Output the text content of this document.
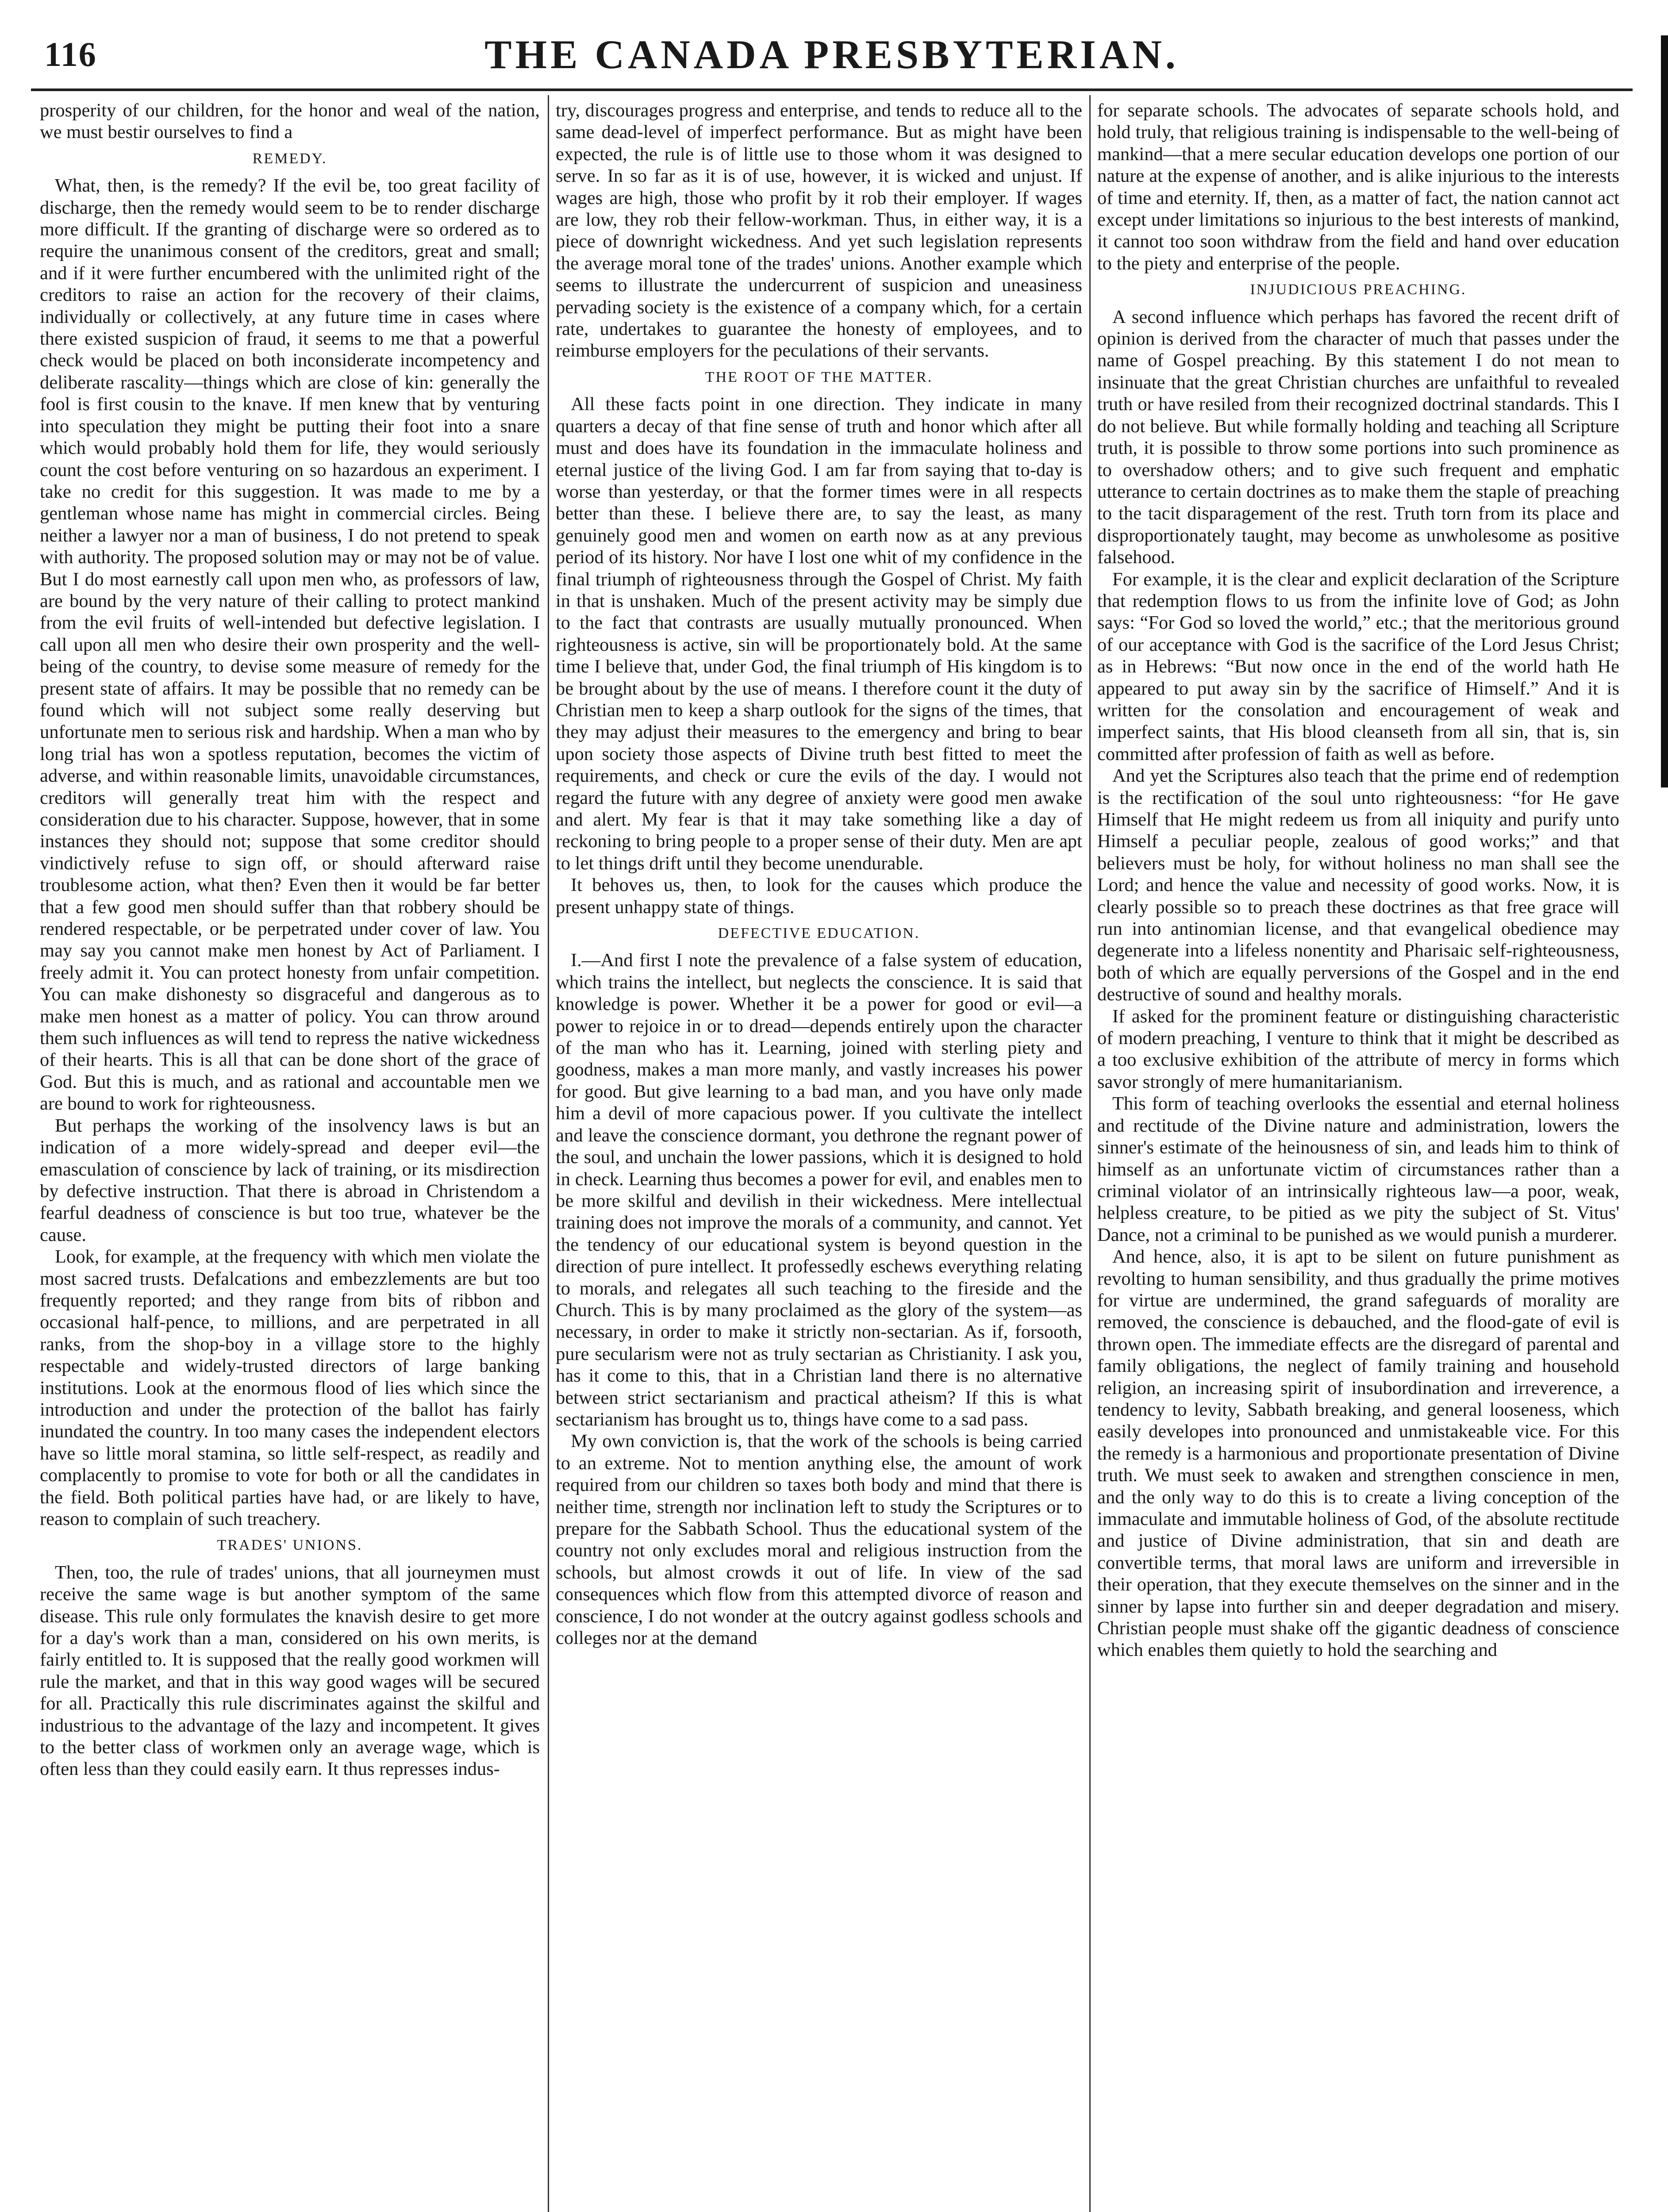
116	THE CANADA PRESBYTERIAN.

prosperity of our children, for the honor and weal of the nation, we must bestir ourselves to find a

REMEDY.

What, then, is the remedy? If the evil be, too great facility of discharge, then the remedy would seem to be to render discharge more difficult. If the granting of discharge were so ordered as to require the unanimous consent of the creditors, great and small; and if it were further encumbered with the unlimited right of the creditors to raise an action for the recovery of their claims, individually or collectively, at any future time in cases where there existed suspicion of fraud, it seems to me that a powerful check would be placed on both inconsiderate incompetency and deliberate rascality—things which are close of kin: generally the fool is first cousin to the knave. If men knew that by venturing into speculation they might be putting their foot into a snare which would probably hold them for life, they would seriously count the cost before venturing on so hazardous an experiment. I take no credit for this suggestion. It was made to me by a gentleman whose name has might in commercial circles. Being neither a lawyer nor a man of business, I do not pretend to speak with authority. The proposed solution may or may not be of value. But I do most earnestly call upon men who, as professors of law, are bound by the very nature of their calling to protect mankind from the evil fruits of well-intended but defective legislation. I call upon all men who desire their own prosperity and the well-being of the country, to devise some measure of remedy for the present state of affairs. It may be possible that no remedy can be found which will not subject some really deserving but unfortunate men to serious risk and hardship. When a man who by long trial has won a spotless reputation, becomes the victim of adverse, and within reasonable limits, unavoidable circumstances, creditors will generally treat him with the respect and consideration due to his character. Suppose, however, that in some instances they should not; suppose that some creditor should vindictively refuse to sign off, or should afterward raise troublesome action, what then? Even then it would be far better that a few good men should suffer than that robbery should be rendered respectable, or be perpetrated under cover of law. You may say you cannot make men honest by Act of Parliament. I freely admit it. You can protect honesty from unfair competition. You can make dishonesty so disgraceful and dangerous as to make men honest as a matter of policy. You can throw around them such influences as will tend to repress the native wickedness of their hearts. This is all that can be done short of the grace of God. But this is much, and as rational and accountable men we are bound to work for righteousness.

But perhaps the working of the insolvency laws is but an indication of a more widely-spread and deeper evil—the emasculation of conscience by lack of training, or its misdirection by defective instruction. That there is abroad in Christendom a fearful deadness of conscience is but too true, whatever be the cause.

Look, for example, at the frequency with which men violate the most sacred trusts. Defalcations and embezzlements are but too frequently reported; and they range from bits of ribbon and occasional half-pence, to millions, and are perpetrated in all ranks, from the shop-boy in a village store to the highly respectable and widely-trusted directors of large banking institutions. Look at the enormous flood of lies which since the introduction and under the protection of the ballot has fairly inundated the country. In too many cases the independent electors have so little moral stamina, so little self-respect, as readily and complacently to promise to vote for both or all the candidates in the field. Both political parties have had, or are likely to have, reason to complain of such treachery.

TRADES' UNIONS.

Then, too, the rule of trades' unions, that all journeymen must receive the same wage is but another symptom of the same disease. This rule only formulates the knavish desire to get more for a day's work than a man, considered on his own merits, is fairly entitled to. It is supposed that the really good workmen will rule the market, and that in this way good wages will be secured for all. Practically this rule discriminates against the skilful and industrious to the advantage of the lazy and incompetent. It gives to the better class of workmen only an average wage, which is often less than they could easily earn. It thus represses indus-

try, discourages progress and enterprise, and tends to reduce all to the same dead-level of imperfect performance. But as might have been expected, the rule is of little use to those whom it was designed to serve. In so far as it is of use, however, it is wicked and unjust. If wages are high, those who profit by it rob their employer. If wages are low, they rob their fellow-workman. Thus, in either way, it is a piece of downright wickedness. And yet such legislation represents the average moral tone of the trades' unions. Another example which seems to illustrate the undercurrent of suspicion and uneasiness pervading society is the existence of a company which, for a certain rate, undertakes to guarantee the honesty of employees, and to reimburse employers for the peculations of their servants.

THE ROOT OF THE MATTER.

All these facts point in one direction. They indicate in many quarters a decay of that fine sense of truth and honor which after all must and does have its foundation in the immaculate holiness and eternal justice of the living God. I am far from saying that to-day is worse than yesterday, or that the former times were in all respects better than these. I believe there are, to say the least, as many genuinely good men and women on earth now as at any previous period of its history. Nor have I lost one whit of my confidence in the final triumph of righteousness through the Gospel of Christ. My faith in that is unshaken. Much of the present activity may be simply due to the fact that contrasts are usually mutually pronounced. When righteousness is active, sin will be proportionately bold. At the same time I believe that, under God, the final triumph of His kingdom is to be brought about by the use of means. I therefore count it the duty of Christian men to keep a sharp outlook for the signs of the times, that they may adjust their measures to the emergency and bring to bear upon society those aspects of Divine truth best fitted to meet the requirements, and check or cure the evils of the day. I would not regard the future with any degree of anxiety were good men awake and alert. My fear is that it may take something like a day of reckoning to bring people to a proper sense of their duty. Men are apt to let things drift until they become unendurable.

It behoves us, then, to look for the causes which produce the present unhappy state of things.

DEFECTIVE EDUCATION.

I.—And first I note the prevalence of a false system of education, which trains the intellect, but neglects the conscience. It is said that knowledge is power. Whether it be a power for good or evil—a power to rejoice in or to dread—depends entirely upon the character of the man who has it. Learning, joined with sterling piety and goodness, makes a man more manly, and vastly increases his power for good. But give learning to a bad man, and you have only made him a devil of more capacious power. If you cultivate the intellect and leave the conscience dormant, you dethrone the regnant power of the soul, and unchain the lower passions, which it is designed to hold in check. Learning thus becomes a power for evil, and enables men to be more skilful and devilish in their wickedness. Mere intellectual training does not improve the morals of a community, and cannot. Yet the tendency of our educational system is beyond question in the direction of pure intellect. It professedly eschews everything relating to morals, and relegates all such teaching to the fireside and the Church. This is by many proclaimed as the glory of the system—as necessary, in order to make it strictly non-sectarian. As if, forsooth, pure secularism were not as truly sectarian as Christianity. I ask you, has it come to this, that in a Christian land there is no alternative between strict sectarianism and practical atheism? If this is what sectarianism has brought us to, things have come to a sad pass.

My own conviction is, that the work of the schools is being carried to an extreme. Not to mention anything else, the amount of work required from our children so taxes both body and mind that there is neither time, strength nor inclination left to study the Scriptures or to prepare for the Sabbath School. Thus the educational system of the country not only excludes moral and religious instruction from the schools, but almost crowds it out of life. In view of the sad consequences which flow from this attempted divorce of reason and conscience, I do not wonder at the outcry against godless schools and colleges nor at the demand

for separate schools. The advocates of separate schools hold, and hold truly, that religious training is indispensable to the well-being of mankind—that a mere secular education develops one portion of our nature at the expense of another, and is alike injurious to the interests of time and eternity. If, then, as a matter of fact, the nation cannot act except under limitations so injurious to the best interests of mankind, it cannot too soon withdraw from the field and hand over education to the piety and enterprise of the people.

INJUDICIOUS PREACHING.

A second influence which perhaps has favored the recent drift of opinion is derived from the character of much that passes under the name of Gospel preaching. By this statement I do not mean to insinuate that the great Christian churches are unfaithful to revealed truth or have resiled from their recognized doctrinal standards. This I do not believe. But while formally holding and teaching all Scripture truth, it is possible to throw some portions into such prominence as to overshadow others; and to give such frequent and emphatic utterance to certain doctrines as to make them the staple of preaching to the tacit disparagement of the rest. Truth torn from its place and disproportionately taught, may become as unwholesome as positive falsehood.

For example, it is the clear and explicit declaration of the Scripture that redemption flows to us from the infinite love of God; as John says: “For God so loved the world,” etc.; that the meritorious ground of our acceptance with God is the sacrifice of the Lord Jesus Christ; as in Hebrews: “But now once in the end of the world hath He appeared to put away sin by the sacrifice of Himself.” And it is written for the consolation and encouragement of weak and imperfect saints, that His blood cleanseth from all sin, that is, sin committed after profession of faith as well as before.

And yet the Scriptures also teach that the prime end of redemption is the rectification of the soul unto righteousness: “for He gave Himself that He might redeem us from all iniquity and purify unto Himself a peculiar people, zealous of good works;” and that believers must be holy, for without holiness no man shall see the Lord; and hence the value and necessity of good works. Now, it is clearly possible so to preach these doctrines as that free grace will run into antinomian license, and that evangelical obedience may degenerate into a lifeless nonentity and Pharisaic self-righteousness, both of which are equally perversions of the Gospel and in the end destructive of sound and healthy morals.

If asked for the prominent feature or distinguishing characteristic of modern preaching, I venture to think that it might be described as a too exclusive exhibition of the attribute of mercy in forms which savor strongly of mere humanitarianism.

This form of teaching overlooks the essential and eternal holiness and rectitude of the Divine nature and administration, lowers the sinner's estimate of the heinousness of sin, and leads him to think of himself as an unfortunate victim of circumstances rather than a criminal violator of an intrinsically righteous law—a poor, weak, helpless creature, to be pitied as we pity the subject of St. Vitus' Dance, not a criminal to be punished as we would punish a murderer.

And hence, also, it is apt to be silent on future punishment as revolting to human sensibility, and thus gradually the prime motives for virtue are undermined, the grand safeguards of morality are removed, the conscience is debauched, and the flood-gate of evil is thrown open. The immediate effects are the disregard of parental and family obligations, the neglect of family training and household religion, an increasing spirit of insubordination and irreverence, a tendency to levity, Sabbath breaking, and general looseness, which easily developes into pronounced and unmistakeable vice. For this the remedy is a harmonious and proportionate presentation of Divine truth. We must seek to awaken and strengthen conscience in men, and the only way to do this is to create a living conception of the immaculate and immutable holiness of God, of the absolute rectitude and justice of Divine administration, that sin and death are convertible terms, that moral laws are uniform and irreversible in their operation, that they execute themselves on the sinner and in the sinner by lapse into further sin and deeper degradation and misery. Christian people must shake off the gigantic deadness of conscience which enables them quietly to hold the searching and
